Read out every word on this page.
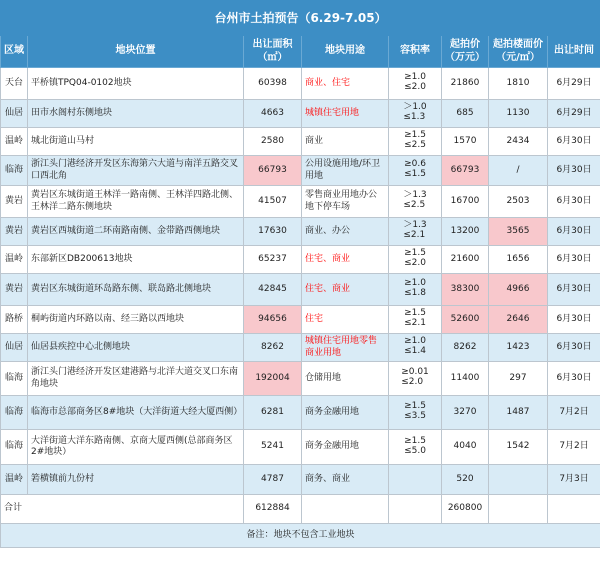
台州市土拍预告（6.29-7.05）							
区域	地块位置	出让面积（㎡）	地块用途	容积率	起拍价（万元）	起拍楼面价（元/㎡）	出让时间
天台	平桥镇TPQ04-0102地块	60398	商业、住宅	≥1.0
≤2.0	21860	1810	6月29日
仙居	田市水阁村东侧地块	4663	城镇住宅用地	＞1.0
≤1.3	685	1130	6月29日
温岭	城北街道山马村	2580	商业	≥1.5
≤2.5	1570	2434	6月30日
临海	浙江头门港经济开发区东海第六大道与南洋五路交叉口西北角	66793	公用设施用地/环卫用地	≥0.6
≤1.5	66793	/	6月30日
黄岩	黄岩区东城街道王林洋一路南侧、王林洋四路北侧、王林洋二路东侧地块	41507	零售商业用地办公地下停车场	＞1.3
≤2.5	16700	2503	6月30日
黄岩	黄岩区西城街道二环南路南侧、金带路西侧地块	17630	商业、办公	＞1.3
≤2.1	13200	3565	6月30日
温岭	东部新区DB200613地块	65237	住宅、商业	≥1.5
≤2.0	21600	1656	6月30日
黄岩	黄岩区东城街道环岛路东侧、联岛路北侧地块	42845	住宅、商业	≥1.0
≤1.8	38300	4966	6月30日
路桥	桐屿街道内环路以南、经三路以西地块	94656	住宅	≥1.5
≤2.1	52600	2646	6月30日
仙居	仙居县疾控中心北侧地块	8262	城镇住宅用地零售商业用地	≥1.0
≤1.4	8262	1423	6月30日
临海	浙江头门港经济开发区建港路与北洋大道交叉口东南角地块	192004	仓储用地	≥0.01
≤2.0	11400	297	6月30日
临海	临海市总部商务区8#地块（大洋街道大经大厦西侧）	6281	商务金融用地	≥1.5
≤3.5	3270	1487	7月2日
临海	大洋街道大洋东路南侧、京商大厦西侧(总部商务区2#地块）	5241	商务金融用地	≥1.5
≤5.0	4040	1542	7月2日
温岭	箬横镇前九份村	4787	商务、商业		520		7月3日
合计		612884			260800		
备注：地块不包含工业地块							
